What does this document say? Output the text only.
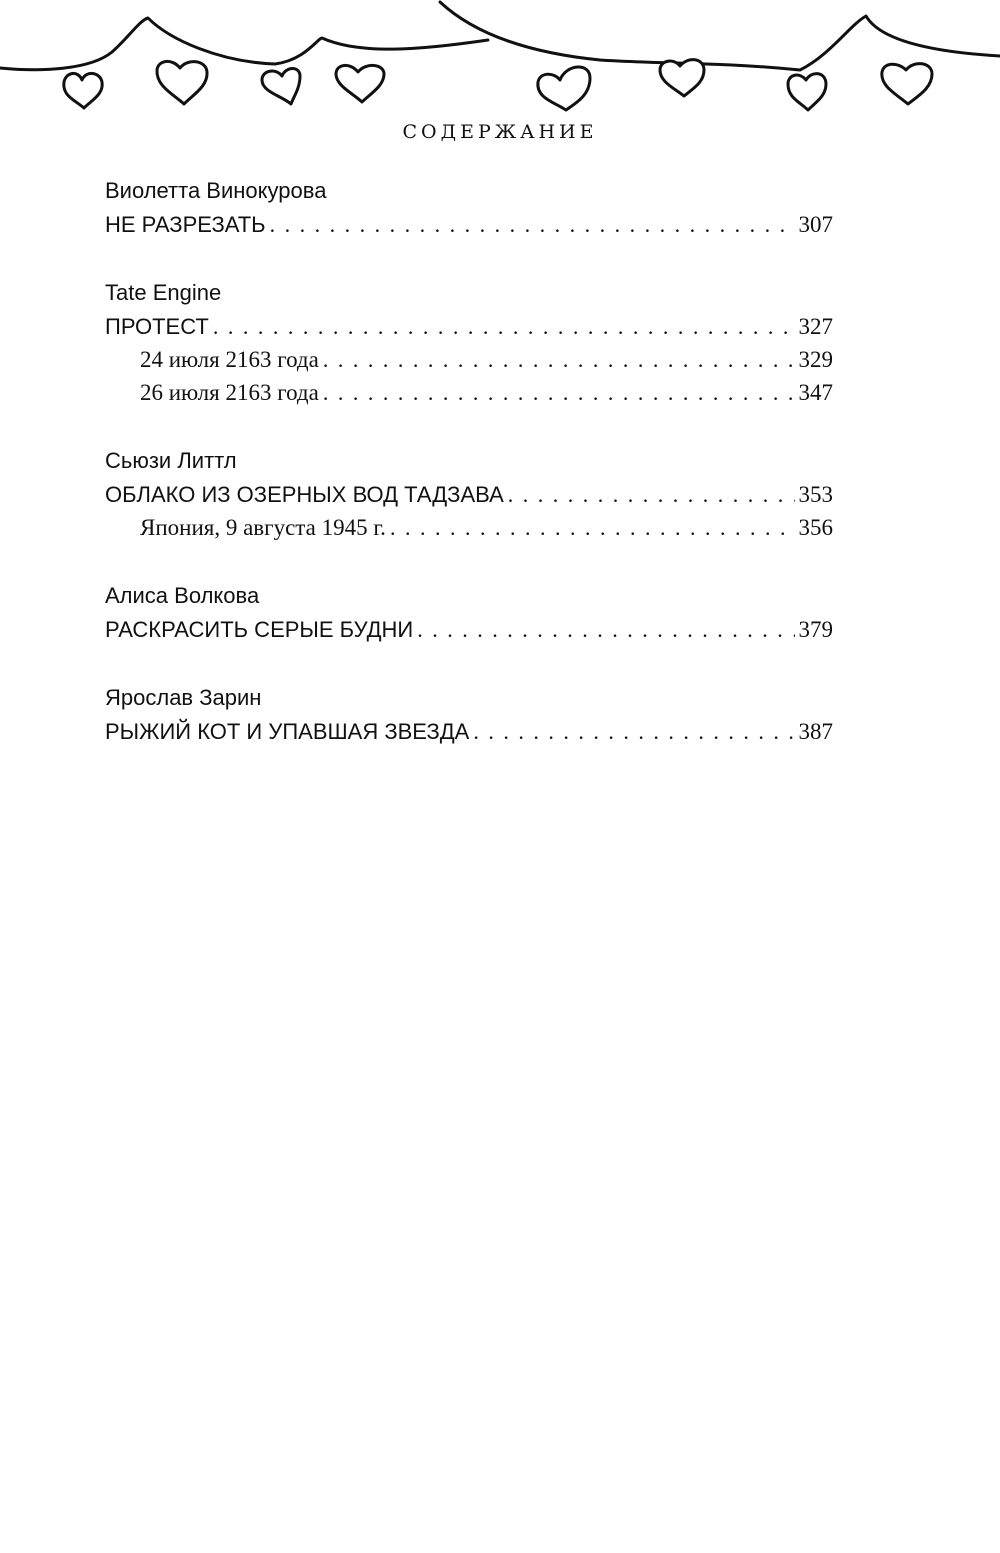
СОДЕРЖАНИЕ
Виолетта Винокурова
НЕ РАЗРЕЗАТЬ . . .	307
Tate Engine
ПРОТЕСТ . . .	327
24 июля 2163 года . . .	329
26 июля 2163 года . . .	347
Сьюзи Литтл
ОБЛАКО ИЗ ОЗЕРНЫХ ВОД ТАДЗАВА . . .	353
Япония, 9 августа 1945 г. . . .	356
Алиса Волкова
РАСКРАСИТЬ СЕРЫЕ БУДНИ . . .	379
Ярослав Зарин
РЫЖИЙ КОТ И УПАВШАЯ ЗВЕЗДА . . .	387
